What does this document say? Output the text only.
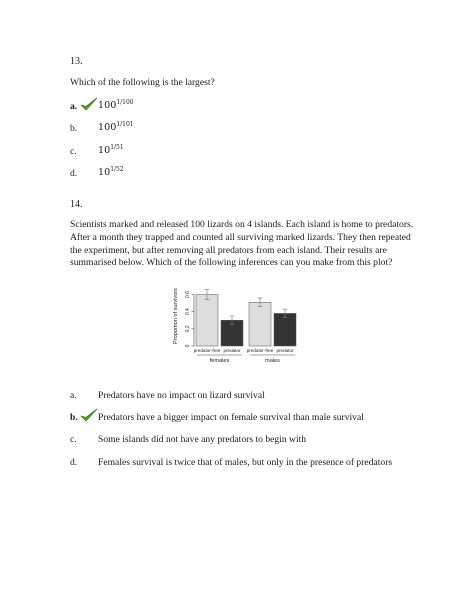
13.
Which of the following is the largest?
a. $100^{1/100}$
b. $100^{1/101}$
c. $10^{1/51}$
d. $10^{1/52}$
14.
Scientists marked and released 100 lizards on 4 islands. Each island is home to predators.
After a month they trapped and counted all surviving marked lizards. They then repeated
the experiment, but after removing all predators from each island. Their results are
summarised below. Which of the following inferences can you make from this plot?
Proportion of survivors
0
0.2
0.4
0.6
predator-free predator predator-free predator
females	males
a. Predators have no impact on lizard survival
b. Predators have a bigger impact on female survival than male survival
c. Some islands did not have any predators to begin with
d. Females survival is twice that of males, but only in the presence of predators
